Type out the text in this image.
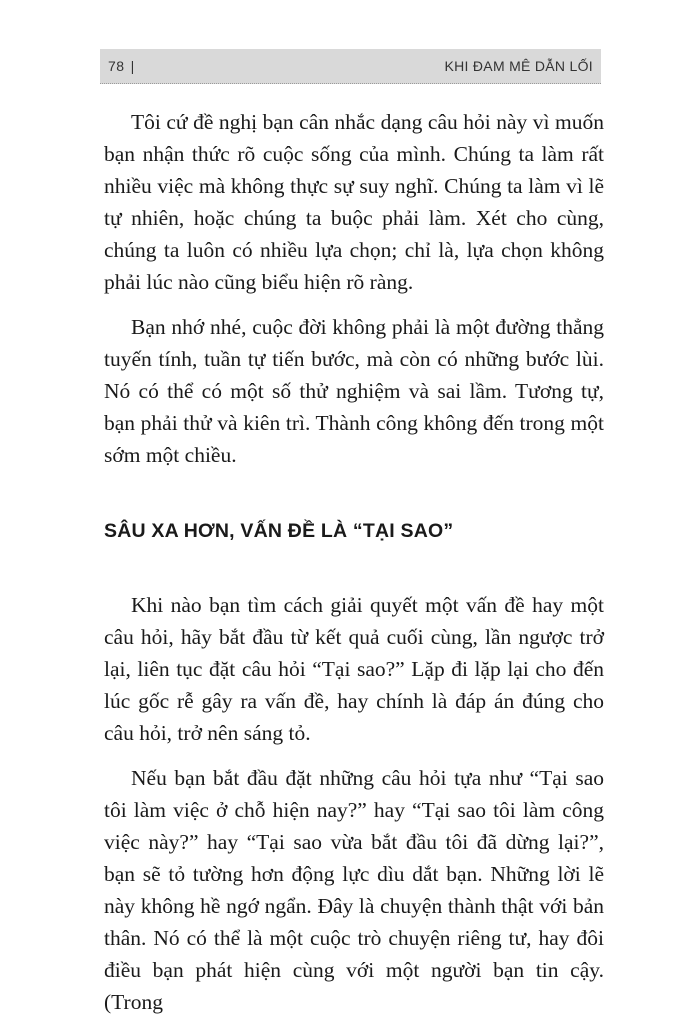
78 |	KHI ĐAM MÊ DẪN LỐI

Tôi cứ đề nghị bạn cân nhắc dạng câu hỏi này vì muốn bạn nhận thức rõ cuộc sống của mình. Chúng ta làm rất nhiều việc mà không thực sự suy nghĩ. Chúng ta làm vì lẽ tự nhiên, hoặc chúng ta buộc phải làm. Xét cho cùng, chúng ta luôn có nhiều lựa chọn; chỉ là, lựa chọn không phải lúc nào cũng biểu hiện rõ ràng.

Bạn nhớ nhé, cuộc đời không phải là một đường thẳng tuyến tính, tuần tự tiến bước, mà còn có những bước lùi. Nó có thể có một số thử nghiệm và sai lầm. Tương tự, bạn phải thử và kiên trì. Thành công không đến trong một sớm một chiều.

SÂU XA HƠN, VẤN ĐỀ LÀ “TẠI SAO”

Khi nào bạn tìm cách giải quyết một vấn đề hay một câu hỏi, hãy bắt đầu từ kết quả cuối cùng, lần ngược trở lại, liên tục đặt câu hỏi “Tại sao?” Lặp đi lặp lại cho đến lúc gốc rễ gây ra vấn đề, hay chính là đáp án đúng cho câu hỏi, trở nên sáng tỏ.

Nếu bạn bắt đầu đặt những câu hỏi tựa như “Tại sao tôi làm việc ở chỗ hiện nay?” hay “Tại sao tôi làm công việc này?” hay “Tại sao vừa bắt đầu tôi đã dừng lại?”, bạn sẽ tỏ tường hơn động lực dìu dắt bạn. Những lời lẽ này không hề ngớ ngẩn. Đây là chuyện thành thật với bản thân. Nó có thể là một cuộc trò chuyện riêng tư, hay đôi điều bạn phát hiện cùng với một người bạn tin cậy. (Trong
